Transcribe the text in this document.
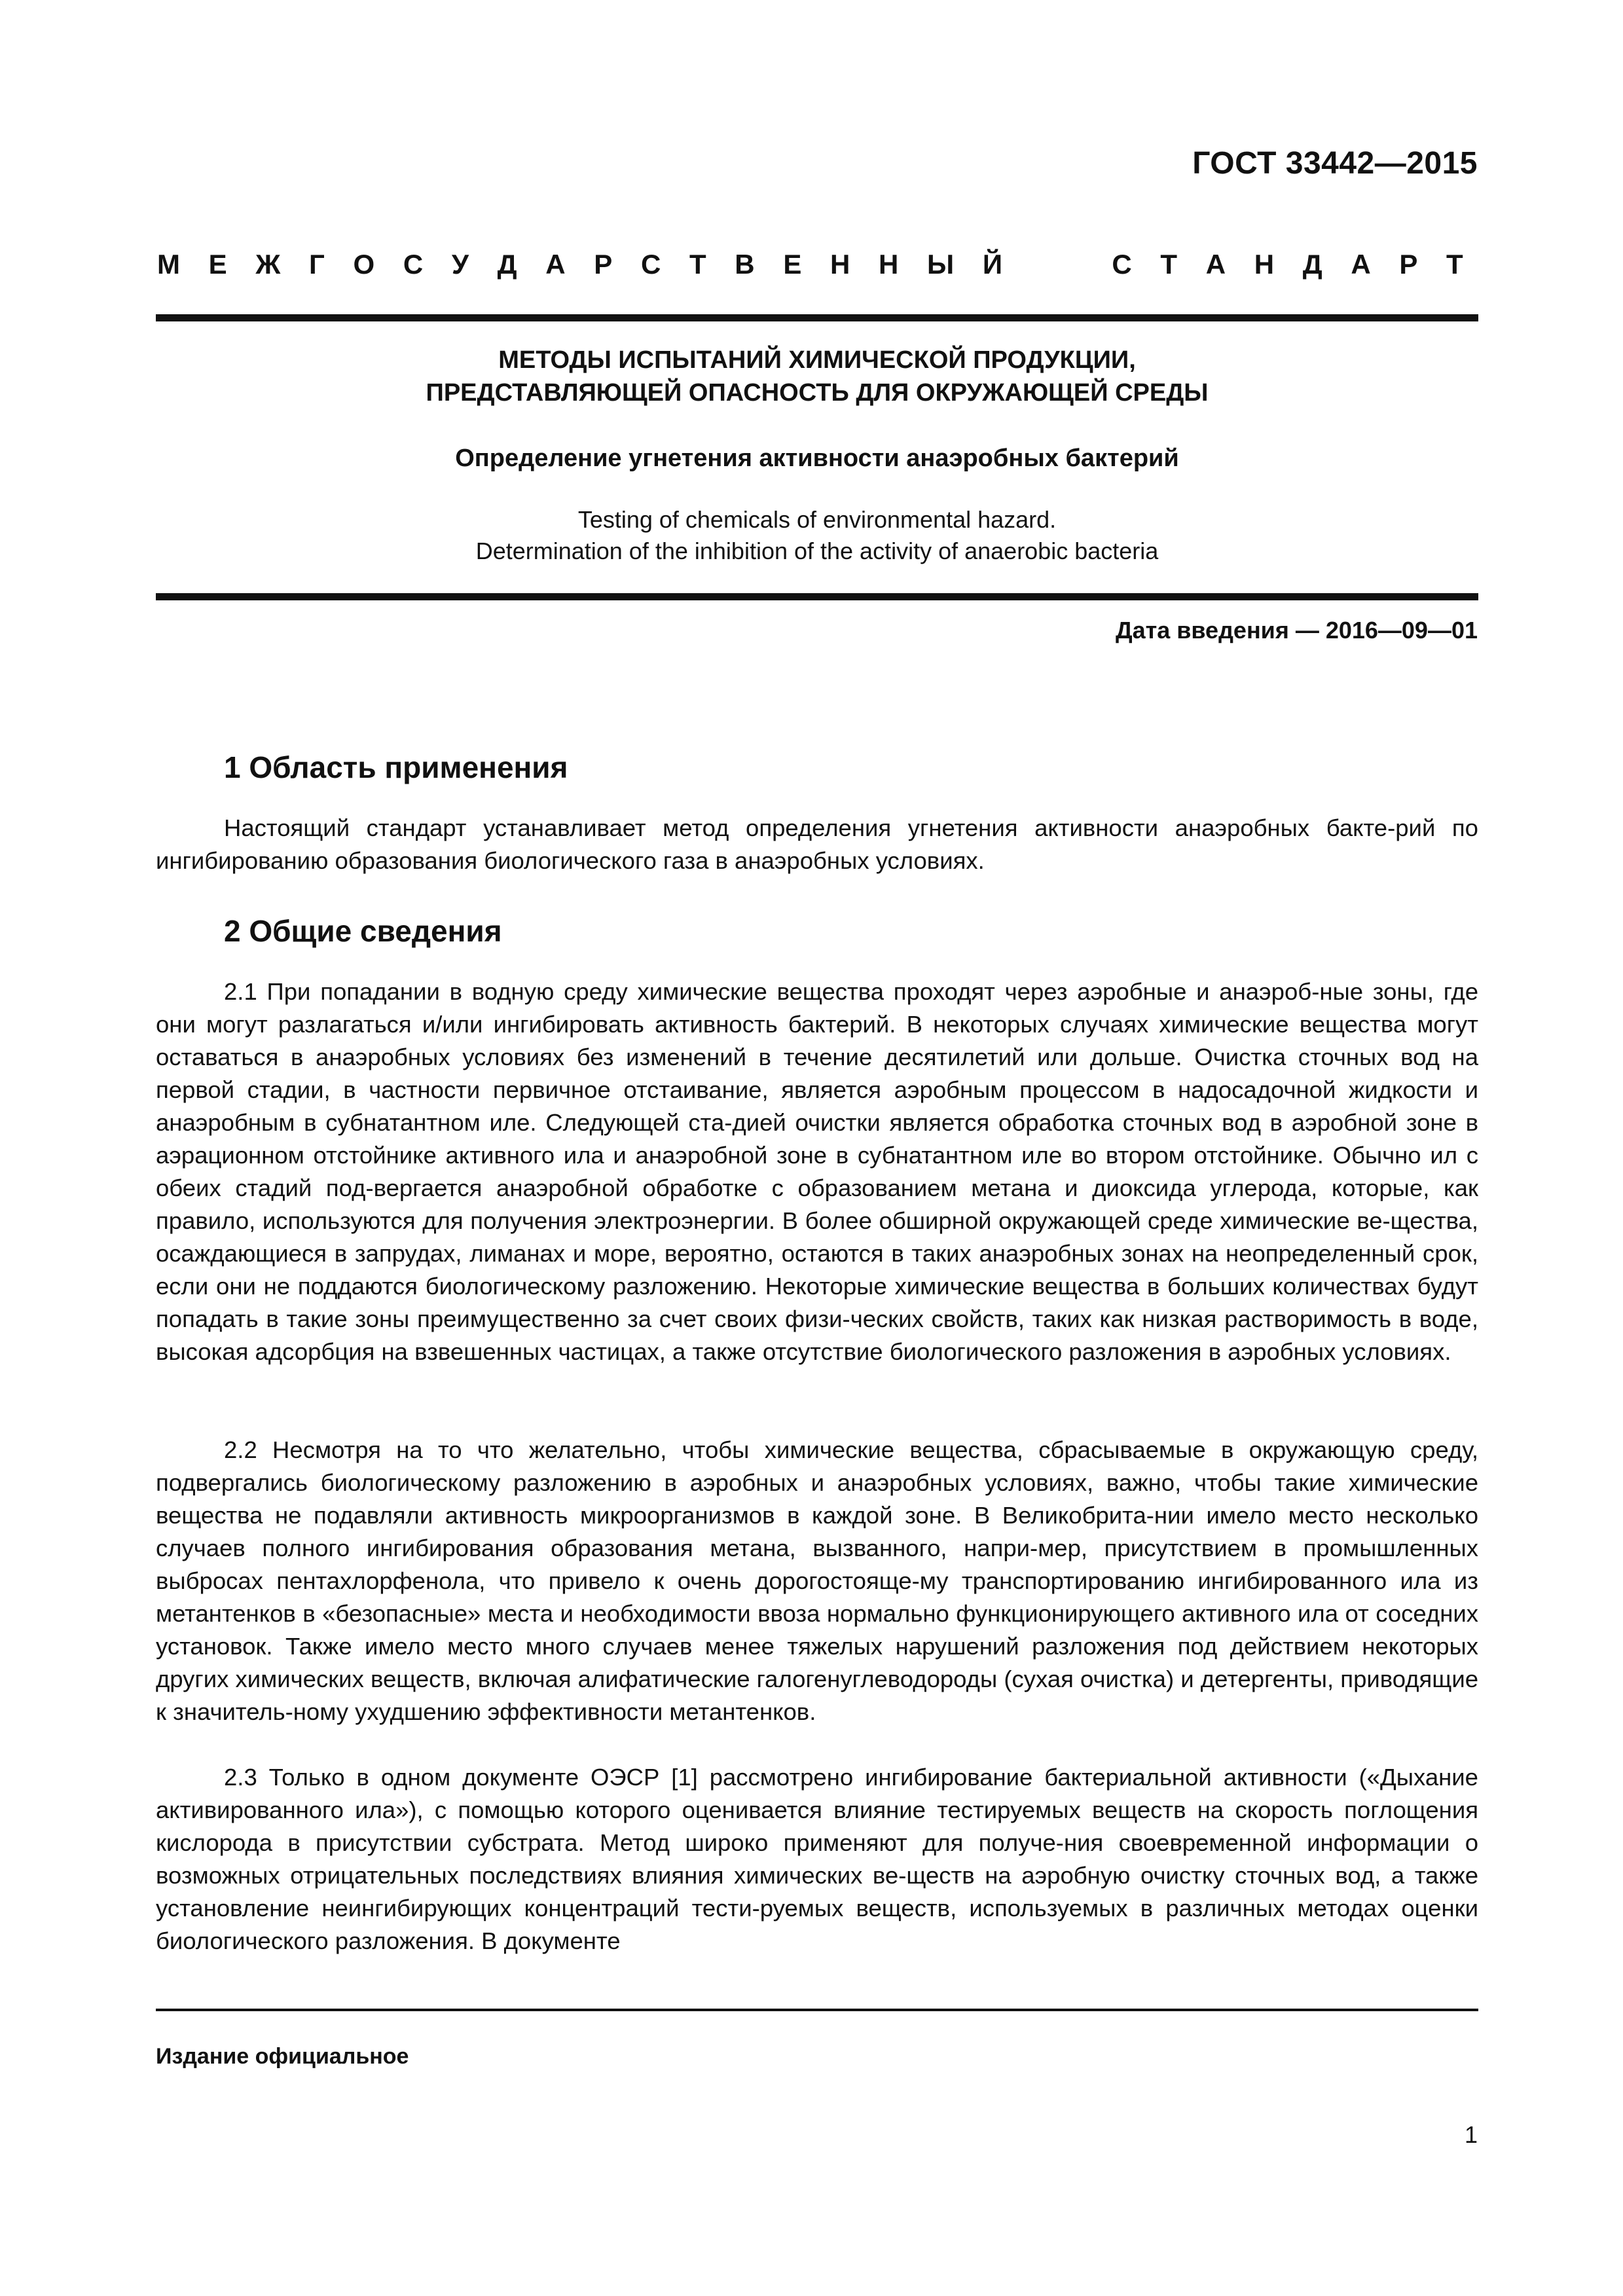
ГОСТ 33442—2015
М Е Ж Г О С У Д А Р С Т В Е Н Н Ы Й	С Т А Н Д А Р Т
МЕТОДЫ ИСПЫТАНИЙ ХИМИЧЕСКОЙ ПРОДУКЦИИ,
ПРЕДСТАВЛЯЮЩЕЙ ОПАСНОСТЬ ДЛЯ ОКРУЖАЮЩЕЙ СРЕДЫ
Определение угнетения активности анаэробных бактерий
Testing of chemicals of environmental hazard.
Determination of the inhibition of the activity of anaerobic bacteria
Дата введения — 2016—09—01
1 Область применения

Настоящий стандарт устанавливает метод определения угнетения активности анаэробных бакте-рий по ингибированию образования биологического газа в анаэробных условиях.

2 Общие сведения

2.1 При попадании в водную среду химические вещества проходят через аэробные и анаэроб-ные зоны, где они могут разлагаться и/или ингибировать активность бактерий. В некоторых случаях химические вещества могут оставаться в анаэробных условиях без изменений в течение десятилетий или дольше. Очистка сточных вод на первой стадии, в частности первичное отстаивание, является аэробным процессом в надосадочной жидкости и анаэробным в субнатантном иле. Следующей ста-дией очистки является обработка сточных вод в аэробной зоне в аэрационном отстойнике активного ила и анаэробной зоне в субнатантном иле во втором отстойнике. Обычно ил с обеих стадий под-вергается анаэробной обработке с образованием метана и диоксида углерода, которые, как правило, используются для получения электроэнергии. В более обширной окружающей среде химические ве-щества, осаждающиеся в запрудах, лиманах и море, вероятно, остаются в таких анаэробных зонах на неопределенный срок, если они не поддаются биологическому разложению. Некоторые химические вещества в больших количествах будут попадать в такие зоны преимущественно за счет своих физи-ческих свойств, таких как низкая растворимость в воде, высокая адсорбция на взвешенных частицах, а также отсутствие биологического разложения в аэробных условиях.

2.2 Несмотря на то что желательно, чтобы химические вещества, сбрасываемые в окружающую среду, подвергались биологическому разложению в аэробных и анаэробных условиях, важно, чтобы такие химические вещества не подавляли активность микроорганизмов в каждой зоне. В Великобрита-нии имело место несколько случаев полного ингибирования образования метана, вызванного, напри-мер, присутствием в промышленных выбросах пентахлорфенола, что привело к очень дорогостояще-му транспортированию ингибированного ила из метантенков в «безопасные» места и необходимости ввоза нормально функционирующего активного ила от соседних установок. Также имело место много случаев менее тяжелых нарушений разложения под действием некоторых других химических веществ, включая алифатические галогенуглеводороды (сухая очистка) и детергенты, приводящие к значитель-ному ухудшению эффективности метантенков.

2.3 Только в одном документе ОЭСР [1] рассмотрено ингибирование бактериальной активности («Дыхание активированного ила»), с помощью которого оценивается влияние тестируемых веществ на скорость поглощения кислорода в присутствии субстрата. Метод широко применяют для получе-ния своевременной информации о возможных отрицательных последствиях влияния химических ве-ществ на аэробную очистку сточных вод, а также установление неингибирующих концентраций тести-руемых веществ, используемых в различных методах оценки биологического разложения. В документе

Издание официальное
1
